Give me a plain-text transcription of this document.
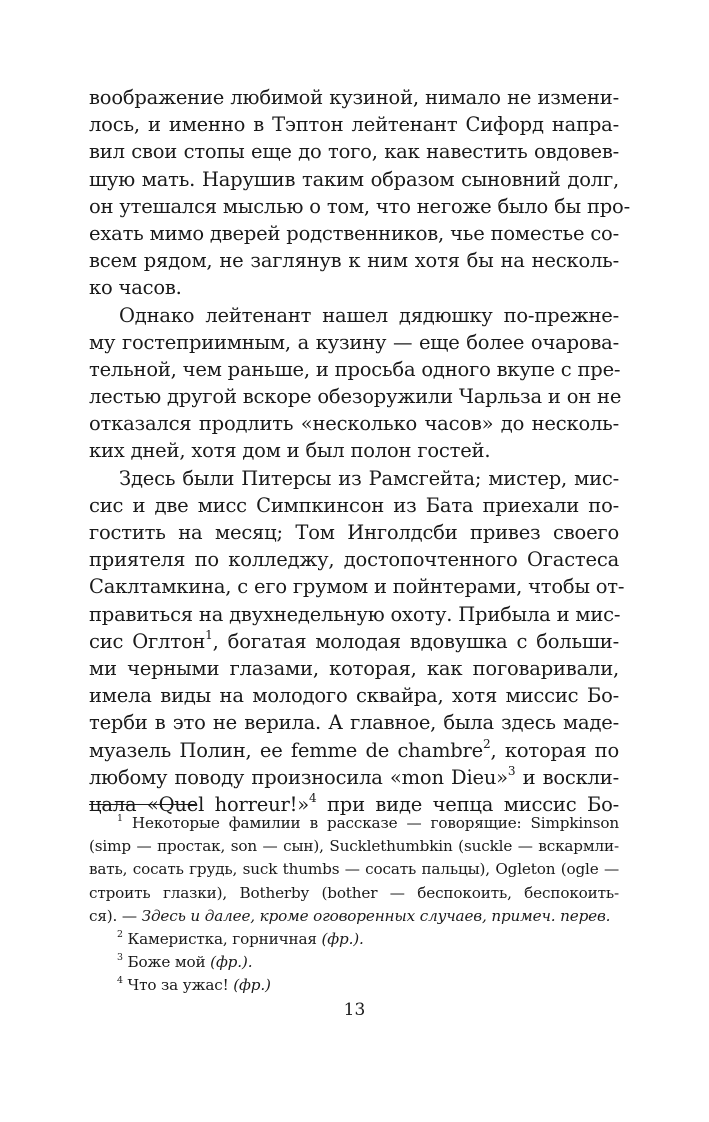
воображение любимой кузиной, нимало не измени-
лось, и именно в Тэптон лейтенант Сифорд напра-
вил свои стопы еще до того, как навестить овдовев-
шую мать. Нарушив таким образом сыновний долг,
он утешался мыслью о том, что негоже было бы про-
ехать мимо дверей родственников, чье поместье со-
всем рядом, не заглянув к ним хотя бы на несколь-
ко часов.
Однако лейтенант нашел дядюшку по-прежне-
му гостеприимным, а кузину — еще более очарова-
тельной, чем раньше, и просьба одного вкупе с пре-
лестью другой вскоре обезоружили Чарльза и он не
отказался продлить «несколько часов» до несколь-
ких дней, хотя дом и был полон гостей.
Здесь были Питерсы из Рамсгейта; мистер, мис-
сис и две мисс Симпкинсон из Бата приехали по-
гостить на месяц; Том Инголдсби привез своего
приятеля по колледжу, достопочтенного Огастеса
Саклтамкина, с его грумом и пойнтерами, чтобы от-
правиться на двухнедельную охоту. Прибыла и мис-
сис Оглтон$^1$, богатая молодая вдовушка с больши-
ми черными глазами, которая, как поговаривали,
имела виды на молодого сквайра, хотя миссис Бо-
терби в это не верила. А главное, была здесь маде-
муазель Полин, ее femme de chambre$^2$, которая по
любому поводу произносила «mon Dieu»$^3$ и воскли-
цала «Quel horreur!»$^4$ при виде чепца миссис Бо-
$^1$ Некоторые фамилии в рассказе — говорящие: Simpkinson
(simp — простак, son — сын), Sucklethumbkin (suckle — вскармли-
вать, сосать грудь, suck thumbs — сосать пальцы), Ogleton (ogle —
строить глазки), Botherby (bother — беспокоить, беспокоить-
ся). — Здесь и далее, кроме оговоренных случаев, примеч. перев.
$^2$ Камеристка, горничная (фр.).
$^3$ Боже мой (фр.).
$^4$ Что за ужас! (фр.)
13
